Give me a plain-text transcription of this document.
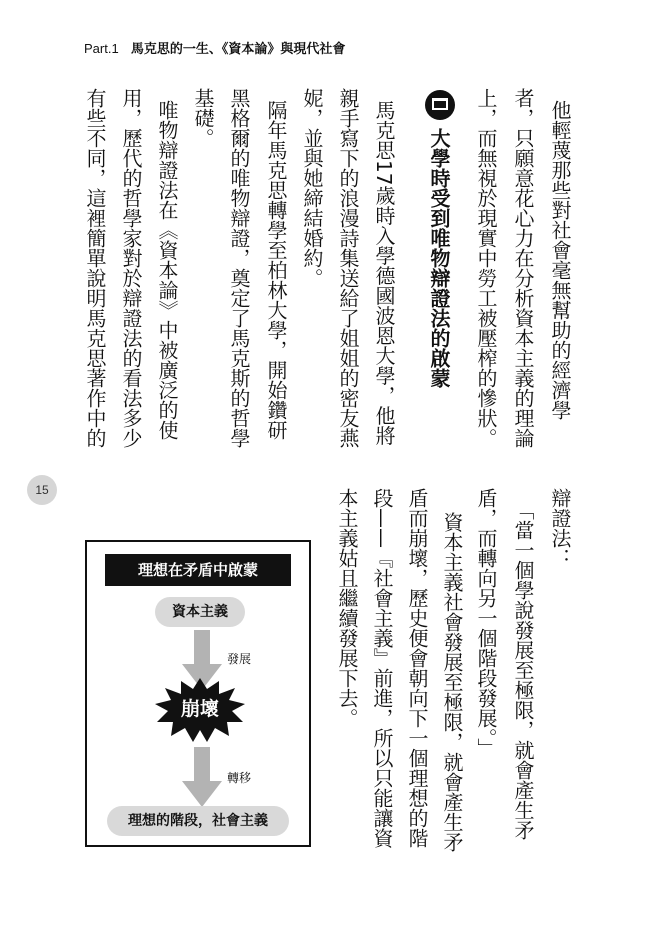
Part.1 馬克思的一生、《資本論》與現代社會
他輕蔑那些對社會毫無幫助的經濟學
者，只願意花心力在分析資本主義的理論
上，而無視於現實中勞工被壓榨的慘狀。
大學時受到唯物辯證法的啟蒙
馬克思17歲時入學德國波恩大學，他將
親手寫下的浪漫詩集送給了姐姐的密友燕
妮，並與她締結婚約。
隔年馬克思轉學至柏林大學，開始鑽研
黑格爾的唯物辯證，奠定了馬克斯的哲學
基礎。
唯物辯證法在《資本論》中被廣泛的使
用，歷代的哲學家對於辯證法的看法多少
有些不同，這裡簡單說明馬克思著作中的
15	辯證法：
「當一個學說發展至極限，就會產生矛
盾，而轉向另一個階段發展。」
資本主義社會發展至極限，就會產生矛
盾而崩壞，歷史便會朝向下一個理想的階
段——『社會主義』前進，所以只能讓資
本主義姑且繼續發展下去。
理想在矛盾中啟蒙
資本主義
發展
崩壞
轉移
理想的階段，社會主義
